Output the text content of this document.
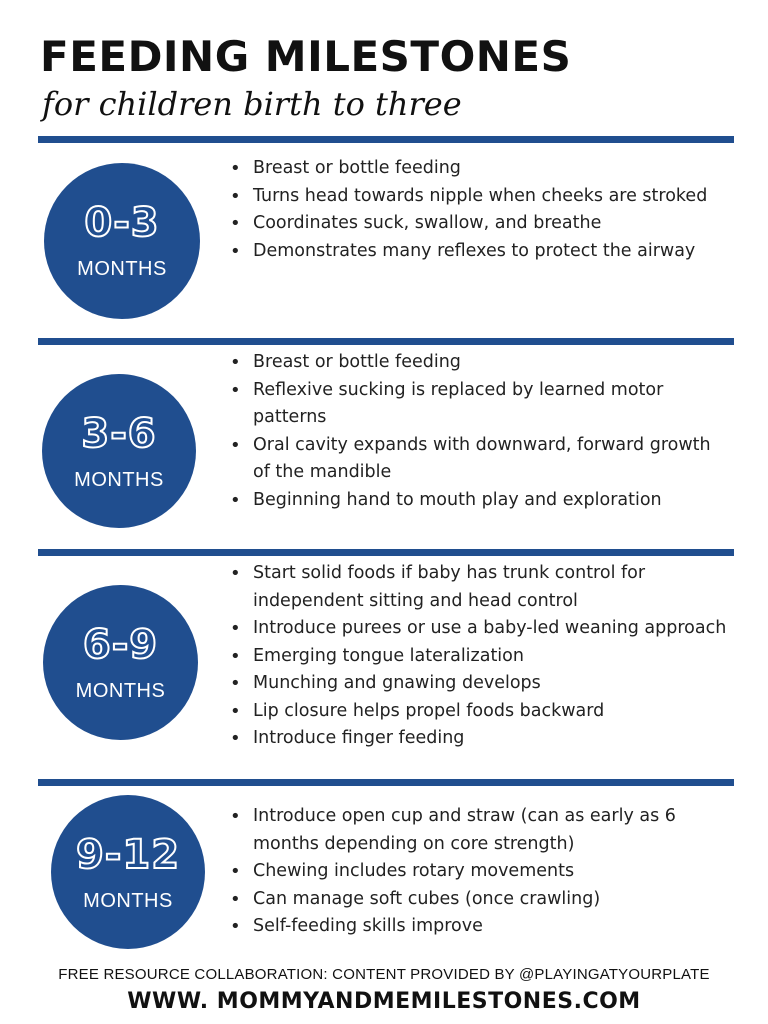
FEEDING MILESTONES
for children birth to three
0-3
MONTHS
• Breast or bottle feeding
• Turns head towards nipple when cheeks are stroked
• Coordinates suck, swallow, and breathe
• Demonstrates many reflexes to protect the airway
3-6
MONTHS
• Breast or bottle feeding
• Reflexive sucking is replaced by learned motor patterns
• Oral cavity expands with downward, forward growth of the mandible
• Beginning hand to mouth play and exploration
6-9
MONTHS
• Start solid foods if baby has trunk control for independent sitting and head control
• Introduce purees or use a baby-led weaning approach
• Emerging tongue lateralization
• Munching and gnawing develops
• Lip closure helps propel foods backward
• Introduce finger feeding
9-12
MONTHS
• Introduce open cup and straw (can as early as 6 months depending on core strength)
• Chewing includes rotary movements
• Can manage soft cubes (once crawling)
• Self-feeding skills improve
FREE RESOURCE COLLABORATION: CONTENT PROVIDED BY @PLAYINGATYOURPLATE
WWW. MOMMYANDMEMILESTONES.COM
